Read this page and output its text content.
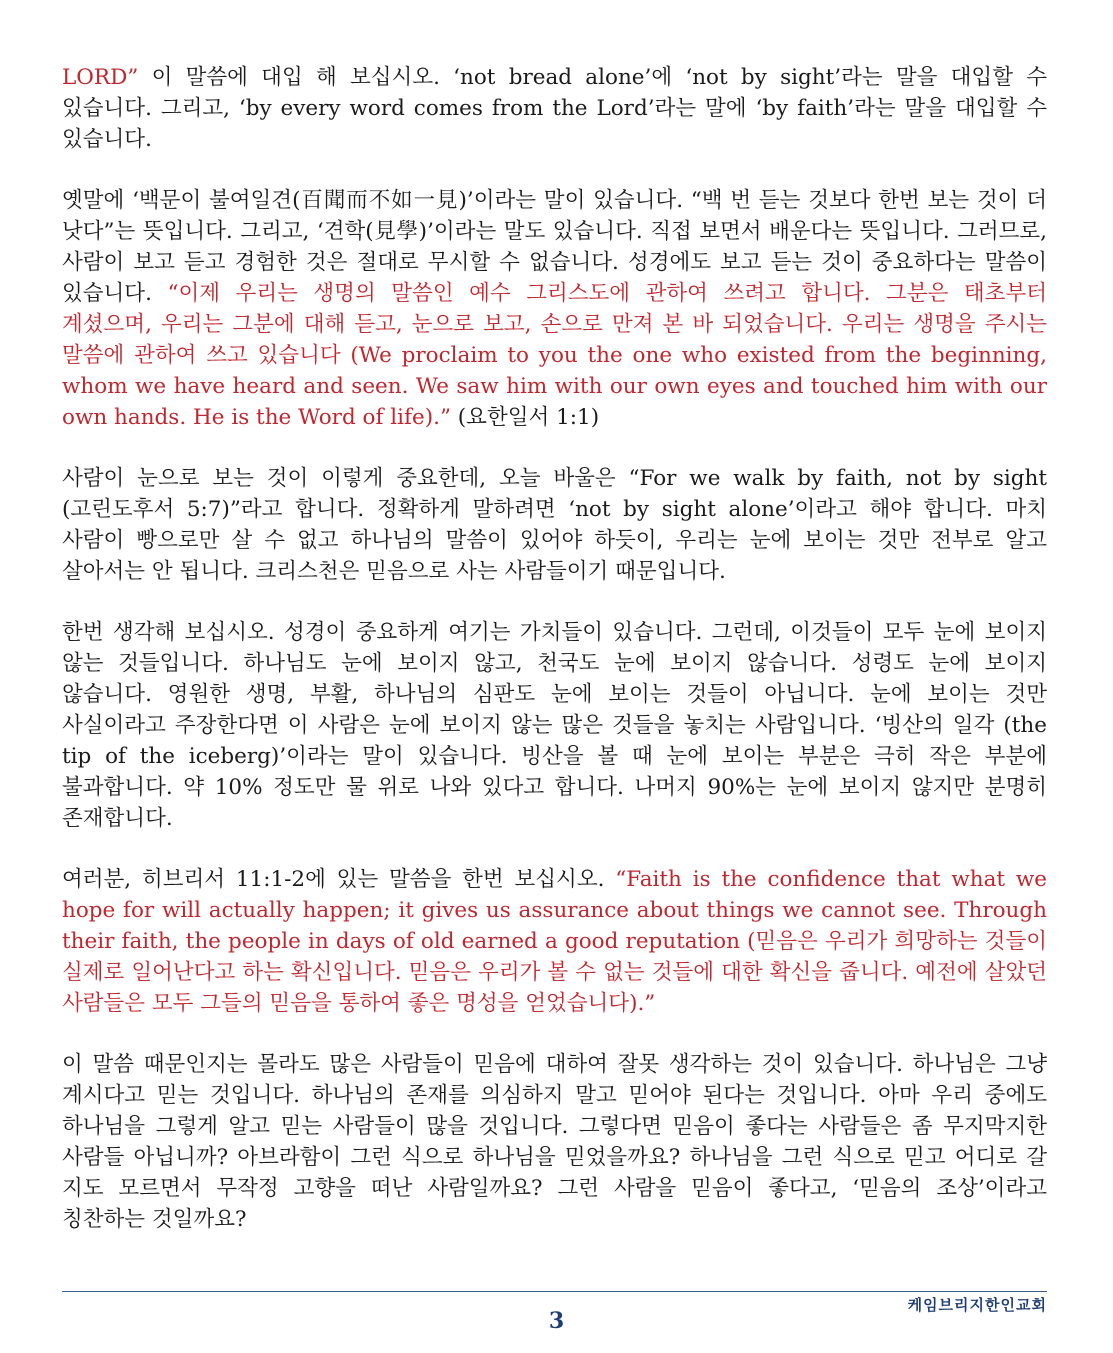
LORD” 이 말씀에 대입 해 보십시오. ‘not bread alone’에 ‘not by sight’라는 말을 대입할 수 있습니다. 그리고, ‘by every word comes from the Lord’라는 말에 ‘by faith’라는 말을 대입할 수 있습니다.

옛말에 ‘백문이 불여일견(百聞而不如一見)’이라는 말이 있습니다. “백 번 듣는 것보다 한번 보는 것이 더 낫다”는 뜻입니다. 그리고, ‘견학(見學)’이라는 말도 있습니다. 직접 보면서 배운다는 뜻입니다. 그러므로, 사람이 보고 듣고 경험한 것은 절대로 무시할 수 없습니다. 성경에도 보고 듣는 것이 중요하다는 말씀이 있습니다. “이제 우리는 생명의 말씀인 예수 그리스도에 관하여 쓰려고 합니다. 그분은 태초부터 계셨으며, 우리는 그분에 대해 듣고, 눈으로 보고, 손으로 만져 본 바 되었습니다. 우리는 생명을 주시는 말씀에 관하여 쓰고 있습니다 (We proclaim to you the one who existed from the beginning, whom we have heard and seen. We saw him with our own eyes and touched him with our own hands. He is the Word of life).” (요한일서 1:1)

사람이 눈으로 보는 것이 이렇게 중요한데, 오늘 바울은 “For we walk by faith, not by sight (고린도후서 5:7)”라고 합니다. 정확하게 말하려면 ‘not by sight alone’이라고 해야 합니다. 마치 사람이 빵으로만 살 수 없고 하나님의 말씀이 있어야 하듯이, 우리는 눈에 보이는 것만 전부로 알고 살아서는 안 됩니다. 크리스천은 믿음으로 사는 사람들이기 때문입니다.

한번 생각해 보십시오. 성경이 중요하게 여기는 가치들이 있습니다. 그런데, 이것들이 모두 눈에 보이지 않는 것들입니다. 하나님도 눈에 보이지 않고, 천국도 눈에 보이지 않습니다. 성령도 눈에 보이지 않습니다. 영원한 생명, 부활, 하나님의 심판도 눈에 보이는 것들이 아닙니다. 눈에 보이는 것만 사실이라고 주장한다면 이 사람은 눈에 보이지 않는 많은 것들을 놓치는 사람입니다. ‘빙산의 일각 (the tip of the iceberg)’이라는 말이 있습니다. 빙산을 볼 때 눈에 보이는 부분은 극히 작은 부분에 불과합니다. 약 10% 정도만 물 위로 나와 있다고 합니다. 나머지 90%는 눈에 보이지 않지만 분명히 존재합니다.

여러분, 히브리서 11:1-2에 있는 말씀을 한번 보십시오. “Faith is the confidence that what we hope for will actually happen; it gives us assurance about things we cannot see. Through their faith, the people in days of old earned a good reputation (믿음은 우리가 희망하는 것들이 실제로 일어난다고 하는 확신입니다. 믿음은 우리가 볼 수 없는 것들에 대한 확신을 줍니다. 예전에 살았던 사람들은 모두 그들의 믿음을 통하여 좋은 명성을 얻었습니다).”

이 말씀 때문인지는 몰라도 많은 사람들이 믿음에 대하여 잘못 생각하는 것이 있습니다. 하나님은 그냥 계시다고 믿는 것입니다. 하나님의 존재를 의심하지 말고 믿어야 된다는 것입니다. 아마 우리 중에도 하나님을 그렇게 알고 믿는 사람들이 많을 것입니다. 그렇다면 믿음이 좋다는 사람들은 좀 무지막지한 사람들 아닙니까? 아브라함이 그런 식으로 하나님을 믿었을까요? 하나님을 그런 식으로 믿고 어디로 갈 지도 모르면서 무작정 고향을 떠난 사람일까요? 그런 사람을 믿음이 좋다고, ‘믿음의 조상’이라고 칭찬하는 것일까요?

케임브리지한인교회
3
